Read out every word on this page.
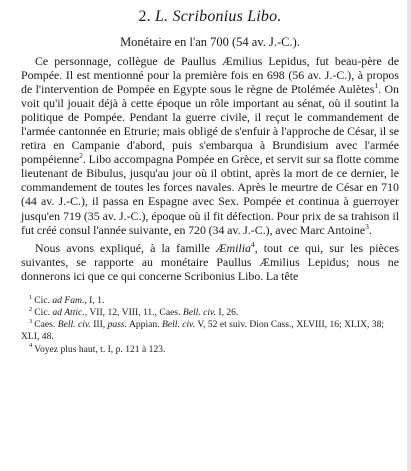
2. L. Scribonius Libo.
Monétaire en l'an 700 (54 av. J.-C.).

Ce personnage, collègue de Paullus Æmilius Lepidus, fut beau-père de Pompée. Il est mentionné pour la première fois en 698 (56 av. J.-C.), à propos de l'intervention de Pompée en Egypte sous le règne de Ptolémée Aulètes$^1$. On voit qu'il jouait déjà à cette époque un rôle important au sénat, où il soutint la politique de Pompée. Pendant la guerre civile, il reçut le commandement de l'armée cantonnée en Etrurie; mais obligé de s'enfuir à l'approche de César, il se retira en Campanie d'abord, puis s'embarqua à Brundisium avec l'armée pompéienne$^2$. Libo accompagna Pompée en Grèce, et servit sur sa flotte comme lieutenant de Bibulus, jusqu'au jour où il obtint, après la mort de ce dernier, le commandement de toutes les forces navales. Après le meurtre de César en 710 (44 av. J.-C.), il passa en Espagne avec Sex. Pompée et continua à guerroyer jusqu'en 719 (35 av. J.-C.), époque où il fit défection. Pour prix de sa trahison il fut créé consul l'année suivante, en 720 (34 av. J.-C.), avec Marc Antoine$^3$.

Nous avons expliqué, à la famille Æmilia$^4$, tout ce qui, sur les pièces suivantes, se rapporte au monétaire Paullus Æmilius Lepidus; nous ne donnerons ici que ce qui concerne Scribonius Libo. La tête

$^1$ Cic. ad Fam., I, 1.

$^2$ Cic. ad Attic., VII, 12, VIII, 11., Caes. Bell. civ. I, 26.

$^3$ Caes. Bell. civ. III, pass. Appian. Bell. civ. V, 52 et suiv. Dion Cass., XLVIII, 16; XLIX, 38; XLI, 48.

$^4$ Voyez plus haut, t. I, p. 121 à 123.
